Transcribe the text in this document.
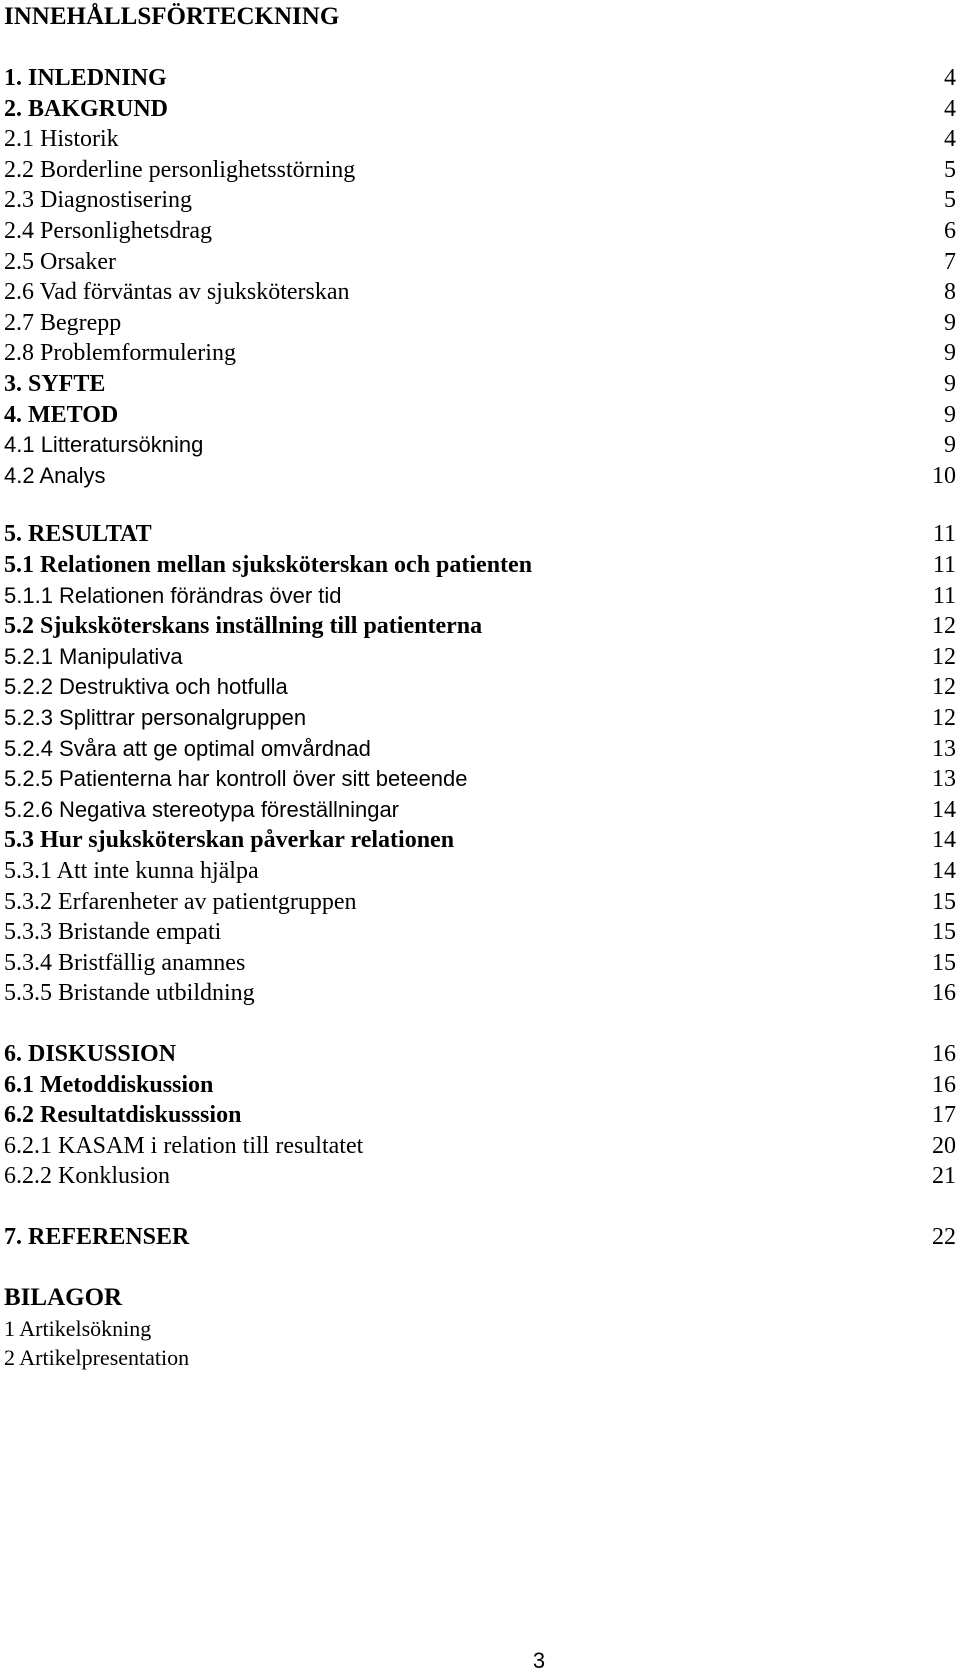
INNEHÅLLSFÖRTECKNING
1. INLEDNING	4
2. BAKGRUND	4
2.1 Historik	4
2.2 Borderline personlighetsstörning	5
2.3 Diagnostisering	5
2.4 Personlighetsdrag	6
2.5 Orsaker	7
2.6 Vad förväntas av sjuksköterskan	8
2.7 Begrepp	9
2.8 Problemformulering	9
3. SYFTE	9
4. METOD	9
4.1 Litteratursökning	9
4.2 Analys	10
5. RESULTAT	11
5.1 Relationen mellan sjuksköterskan och patienten	11
5.1.1 Relationen förändras över tid	11
5.2 Sjuksköterskans inställning till patienterna	12
5.2.1 Manipulativa	12
5.2.2 Destruktiva och hotfulla	12
5.2.3 Splittrar personalgruppen	12
5.2.4 Svåra att ge optimal omvårdnad	13
5.2.5 Patienterna har kontroll över sitt beteende	13
5.2.6 Negativa stereotypa föreställningar	14
5.3 Hur sjuksköterskan påverkar relationen	14
5.3.1 Att inte kunna hjälpa	14
5.3.2 Erfarenheter av patientgruppen	15
5.3.3 Bristande empati	15
5.3.4 Bristfällig anamnes	15
5.3.5 Bristande utbildning	16
6. DISKUSSION	16
6.1 Metoddiskussion	16
6.2 Resultatdiskusssion	17
6.2.1 KASAM i relation till resultatet	20
6.2.2 Konklusion	21
7. REFERENSER	22
BILAGOR
1 Artikelsökning
2 Artikelpresentation
3
